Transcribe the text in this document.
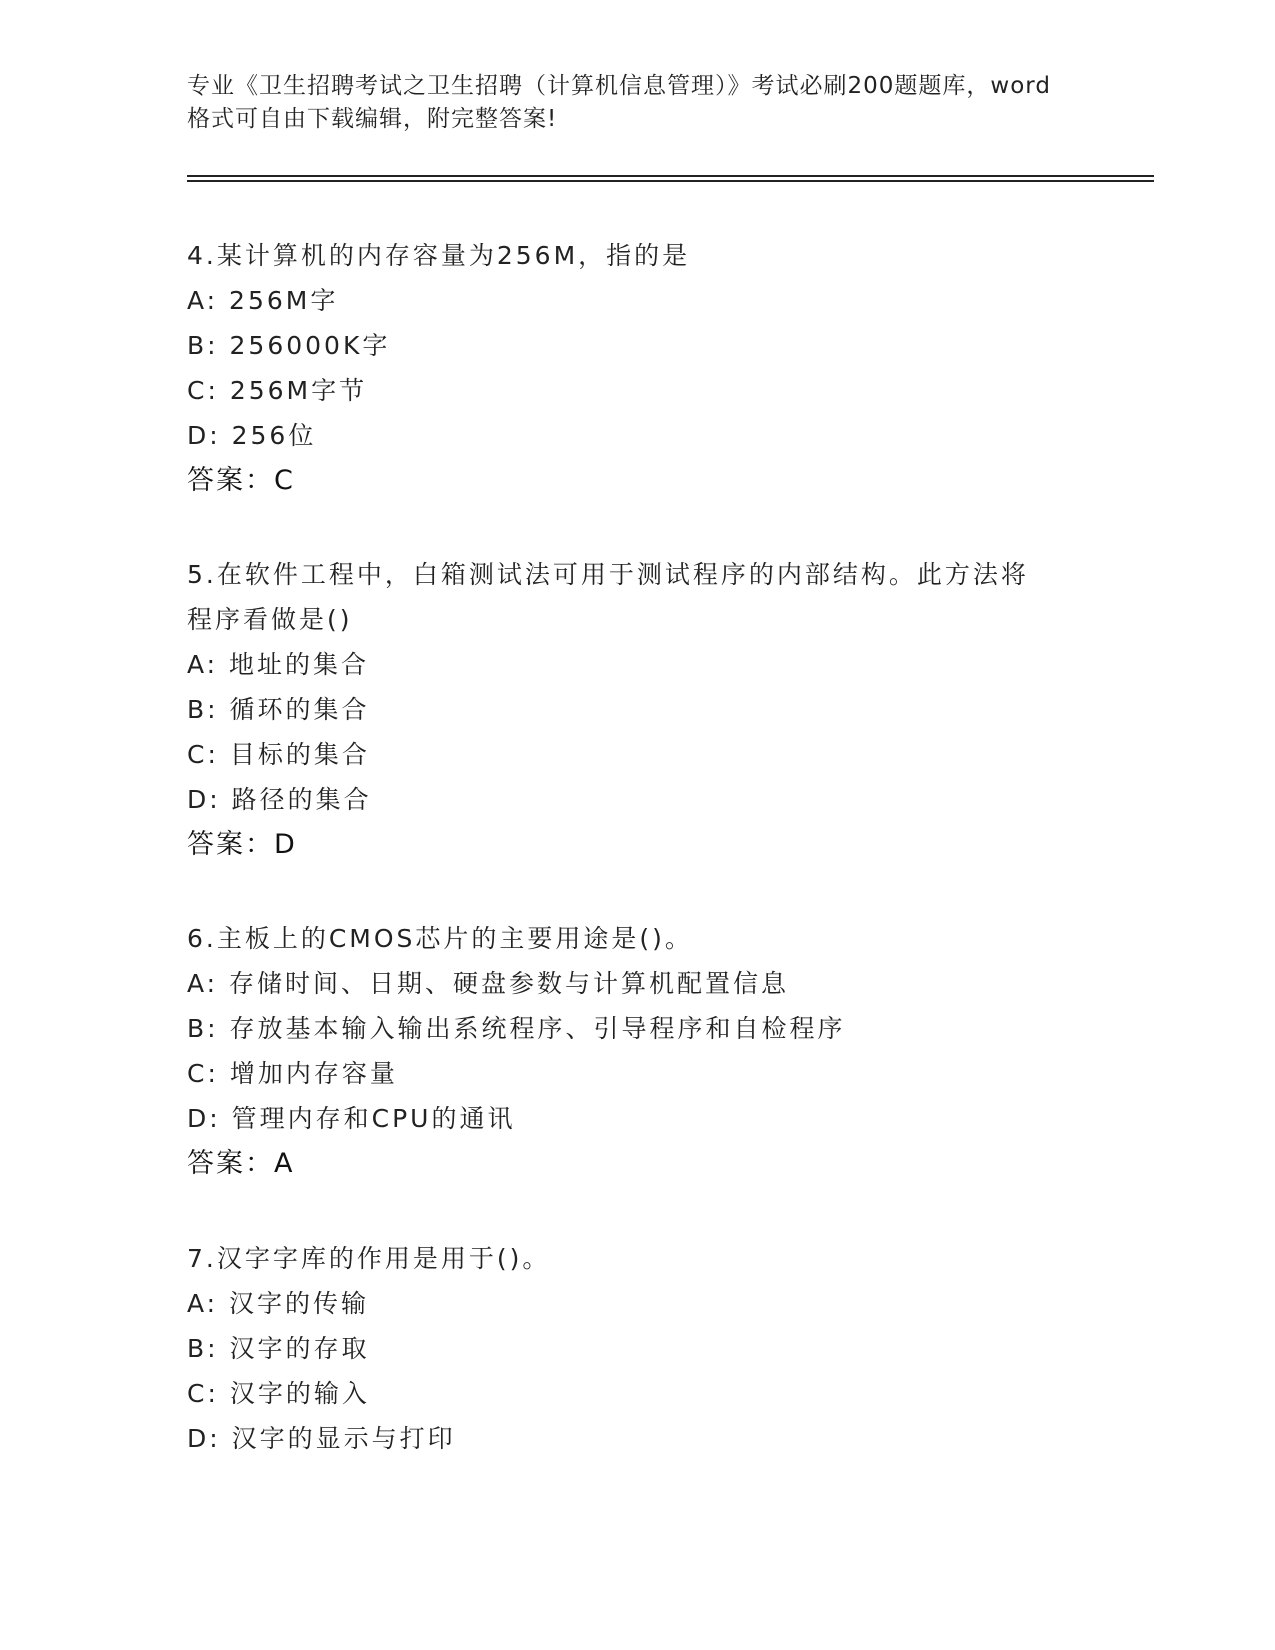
专业《卫生招聘考试之卫生招聘（计算机信息管理）》考试必刷200题题库，word
格式可自由下载编辑，附完整答案!
4.某计算机的内存容量为256M，指的是
A: 256M字
B: 256000K字
C: 256M字节
D: 256位
答案：C
5.在软件工程中，白箱测试法可用于测试程序的内部结构。此方法将
程序看做是()
A: 地址的集合
B: 循环的集合
C: 目标的集合
D: 路径的集合
答案：D
6.主板上的CMOS芯片的主要用途是()。
A: 存储时间、日期、硬盘参数与计算机配置信息
B: 存放基本输入输出系统程序、引导程序和自检程序
C: 增加内存容量
D: 管理内存和CPU的通讯
答案：A
7.汉字字库的作用是用于()。
A: 汉字的传输
B: 汉字的存取
C: 汉字的输入
D: 汉字的显示与打印
